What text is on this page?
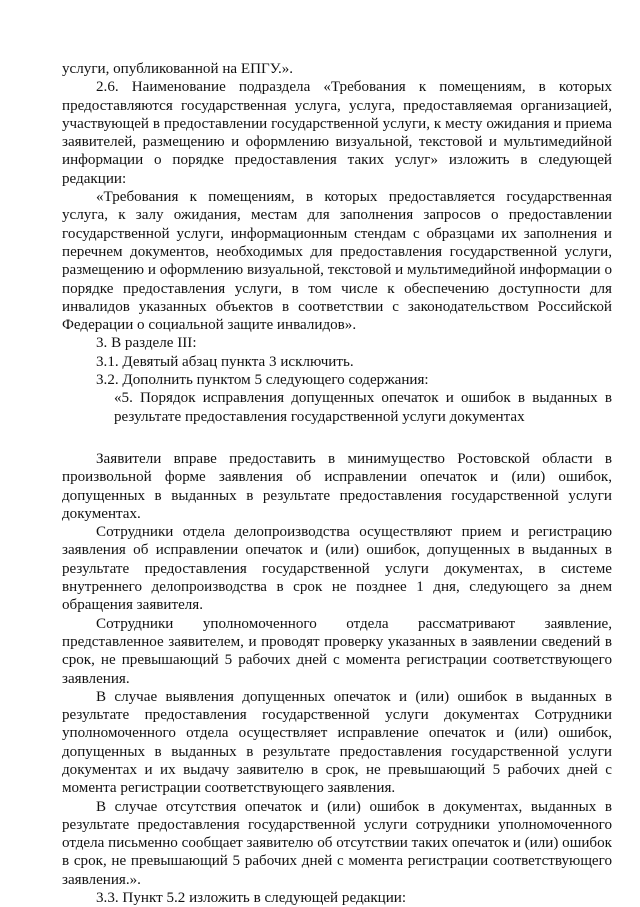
услуги, опубликованной на ЕПГУ.».

2.6. Наименование подраздела «Требования к помещениям, в которых предоставляются государственная услуга, услуга, предоставляемая организацией, участвующей в предоставлении государственной услуги, к месту ожидания и приема заявителей, размещению и оформлению визуальной, текстовой и мультимедийной информации о порядке предоставления таких услуг» изложить в следующей редакции:

«Требования к помещениям, в которых предоставляется государственная услуга, к залу ожидания, местам для заполнения запросов о предоставлении государственной услуги, информационным стендам с образцами их заполнения и перечнем документов, необходимых для предоставления государственной услуги, размещению и оформлению визуальной, текстовой и мультимедийной информации о порядке предоставления услуги, в том числе к обеспечению доступности для инвалидов указанных объектов в соответствии с законодательством Российской Федерации о социальной защите инвалидов».

3. В разделе III:

3.1. Девятый абзац пункта 3 исключить.

3.2. Дополнить пунктом 5 следующего содержания:

«5. Порядок исправления допущенных опечаток и ошибок в выданных в результате предоставления государственной услуги документах

Заявители вправе предоставить в минимущество Ростовской области в произвольной форме заявления об исправлении опечаток и (или) ошибок, допущенных в выданных в результате предоставления государственной услуги документах.

Сотрудники отдела делопроизводства осуществляют прием и регистрацию заявления об исправлении опечаток и (или) ошибок, допущенных в выданных в результате предоставления государственной услуги документах, в системе внутреннего делопроизводства в срок не позднее 1 дня, следующего за днем обращения заявителя.

Сотрудники уполномоченного отдела рассматривают заявление, представленное заявителем, и проводят проверку указанных в заявлении сведений в срок, не превышающий 5 рабочих дней с момента регистрации соответствующего заявления.

В случае выявления допущенных опечаток и (или) ошибок в выданных в результате предоставления государственной услуги документах Сотрудники уполномоченного отдела осуществляет исправление опечаток и (или) ошибок, допущенных в выданных в результате предоставления государственной услуги документах и их выдачу заявителю в срок, не превышающий 5 рабочих дней с момента регистрации соответствующего заявления.

В случае отсутствия опечаток и (или) ошибок в документах, выданных в результате предоставления государственной услуги сотрудники уполномоченного отдела письменно сообщает заявителю об отсутствии таких опечаток и (или) ошибок в срок, не превышающий 5 рабочих дней с момента регистрации соответствующего заявления.».

3.3. Пункт 5.2 изложить в следующей редакции:
